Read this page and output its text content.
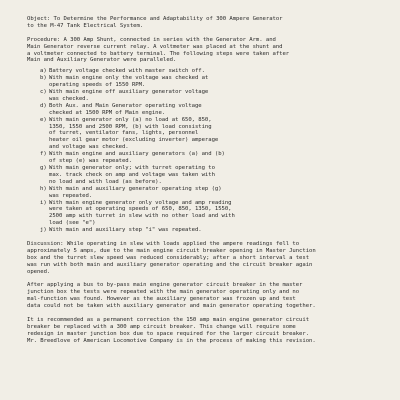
Object: To Determine the Performance and Adaptability of 300 Ampere Generator
to the M-47 Tank Electrical System.
Procedure: A 300 Amp Shunt, connected in series with the Generator Arm. and
Main Generator reverse current relay. A voltmeter was placed at the shunt and
a voltmeter connected to battery terminal. The following steps were taken after
Main and Auxiliary Generator were paralleled.
a) Battery voltage checked with master switch off.
b) With main engine only the voltage was checked at
operating speeds of 1550 RPM.
c) With main engine off auxiliary generator voltage
was checked.
d) Both Aux. and Main Generator operating voltage
checked at 1500 RPM of Main engine.
e) With main generator only (a) no load at 650, 850,
1350, 1550 and 2500 RPM, (b) with load consisting
of turret, ventilator fans, lights, personnel
heater oil gear motor (excluding inverter) amperage
and voltage was checked.
f) With main engine and auxiliary generators (a) and (b)
of step (e) was repeated.
g) With main generator only; with turret operating to
max. track check on amp and voltage was taken with
no load and with load (as before).
h) With main and auxiliary generator operating step (g)
was repeated.
i) With main engine generator only voltage and amp reading
were taken at operating speeds of 650, 850, 1350, 1550,
2500 amp with turret in slew with no other load and with
load (see "e")
j) With main and auxiliary step "i" was repeated.
Discussion: While operating in slew with loads applied the ampere readings fell to
approximately 5 amps, due to the main engine circuit breaker opening in Master Junction
box and the turret slew speed was reduced considerably; after a short interval a test
was run with both main and auxiliary generator operating and the circuit breaker again
opened.
After applying a bus to by-pass main engine generator circuit breaker in the master
junction box the tests were repeated with the main generator operating only and no
mal-function was found. However as the auxiliary generator was frozen up and test
data could not be taken with auxiliary generator and main generator operating together.
It is recommended as a permanent correction the 150 amp main engine generator circuit
breaker be replaced with a 300 amp circuit breaker. This change will require some
redesign in master junction box due to space required for the larger circuit breaker.
Mr. Breedlove of American Locomotive Company is in the process of making this revision.
